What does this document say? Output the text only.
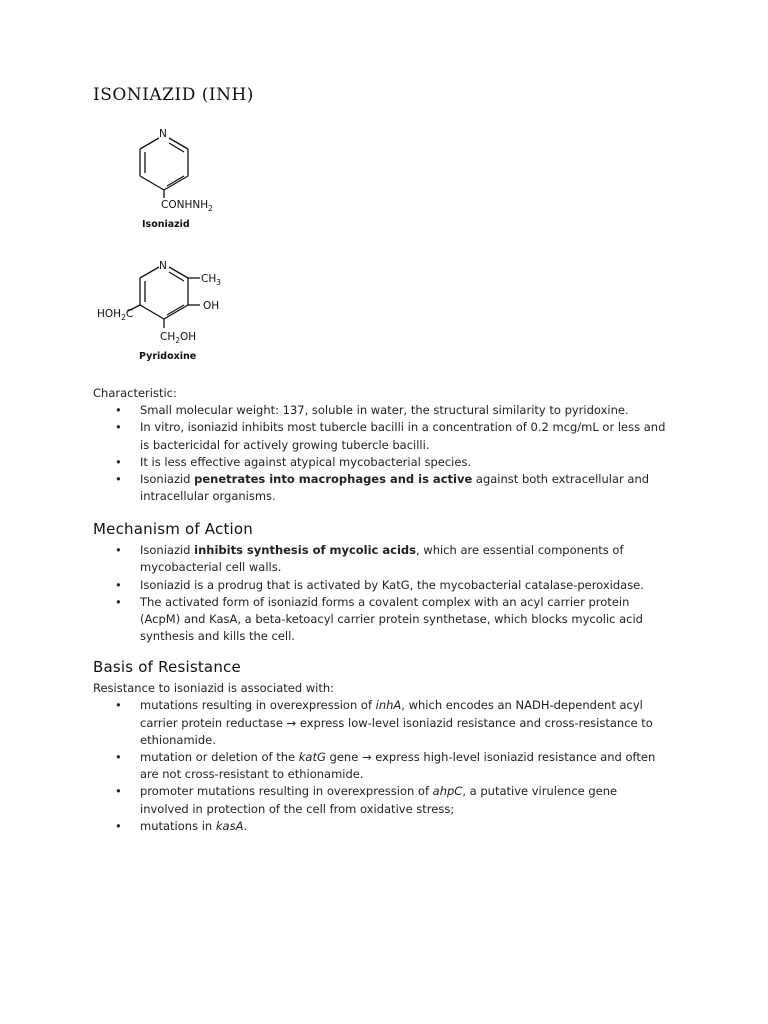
ISONIAZID (INH)
N
$CONHNH_2$
Isoniazid
N
$CH_3$
OH
$HOH_2C$
$CH_2OH$
Pyridoxine

Characteristic:

• Small molecular weight: 137, soluble in water, the structural similarity to pyridoxine.
• In vitro, isoniazid inhibits most tubercle bacilli in a concentration of 0.2 mcg/mL or less and is bactericidal for actively growing tubercle bacilli.
• It is less effective against atypical mycobacterial species.
• Isoniazid penetrates into macrophages and is active against both extracellular and intracellular organisms.
Mechanism of Action
• Isoniazid inhibits synthesis of mycolic acids, which are essential components of mycobacterial cell walls.
• Isoniazid is a prodrug that is activated by KatG, the mycobacterial catalase-peroxidase.
• The activated form of isoniazid forms a covalent complex with an acyl carrier protein (AcpM) and KasA, a beta-ketoacyl carrier protein synthetase, which blocks mycolic acid synthesis and kills the cell.
Basis of Resistance

Resistance to isoniazid is associated with:

• mutations resulting in overexpression of inhA, which encodes an NADH-dependent acyl carrier protein reductase → express low-level isoniazid resistance and cross-resistance to ethionamide.
• mutation or deletion of the katG gene → express high-level isoniazid resistance and often are not cross-resistant to ethionamide.
• promoter mutations resulting in overexpression of ahpC, a putative virulence gene involved in protection of the cell from oxidative stress;
• mutations in kasA.
